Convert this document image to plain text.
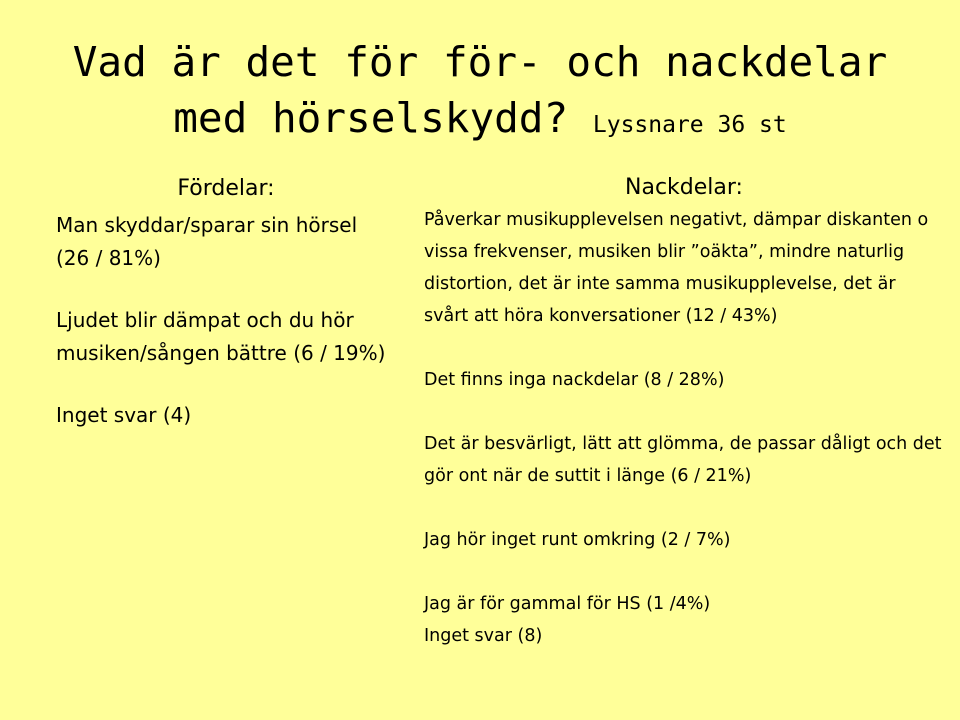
Vad är det för för- och nackdelar med hörselskydd? Lyssnare 36 st
Fördelar:

Man skyddar/sparar sin hörsel (26 / 81%)

Ljudet blir dämpat och du hör musiken/sången bättre (6 / 19%)

Inget svar (4)

Nackdelar:

Påverkar musikupplevelsen negativt, dämpar diskanten o vissa frekvenser, musiken blir ”oäkta”, mindre naturlig distortion, det är inte samma musikupplevelse, det är svårt att höra konversationer (12 / 43%)

Det finns inga nackdelar (8 / 28%)

Det är besvärligt, lätt att glömma, de passar dåligt och det gör ont när de suttit i länge (6 / 21%)

Jag hör inget runt omkring (2 / 7%)

Jag är för gammal för HS (1 /4%)

Inget svar (8)
